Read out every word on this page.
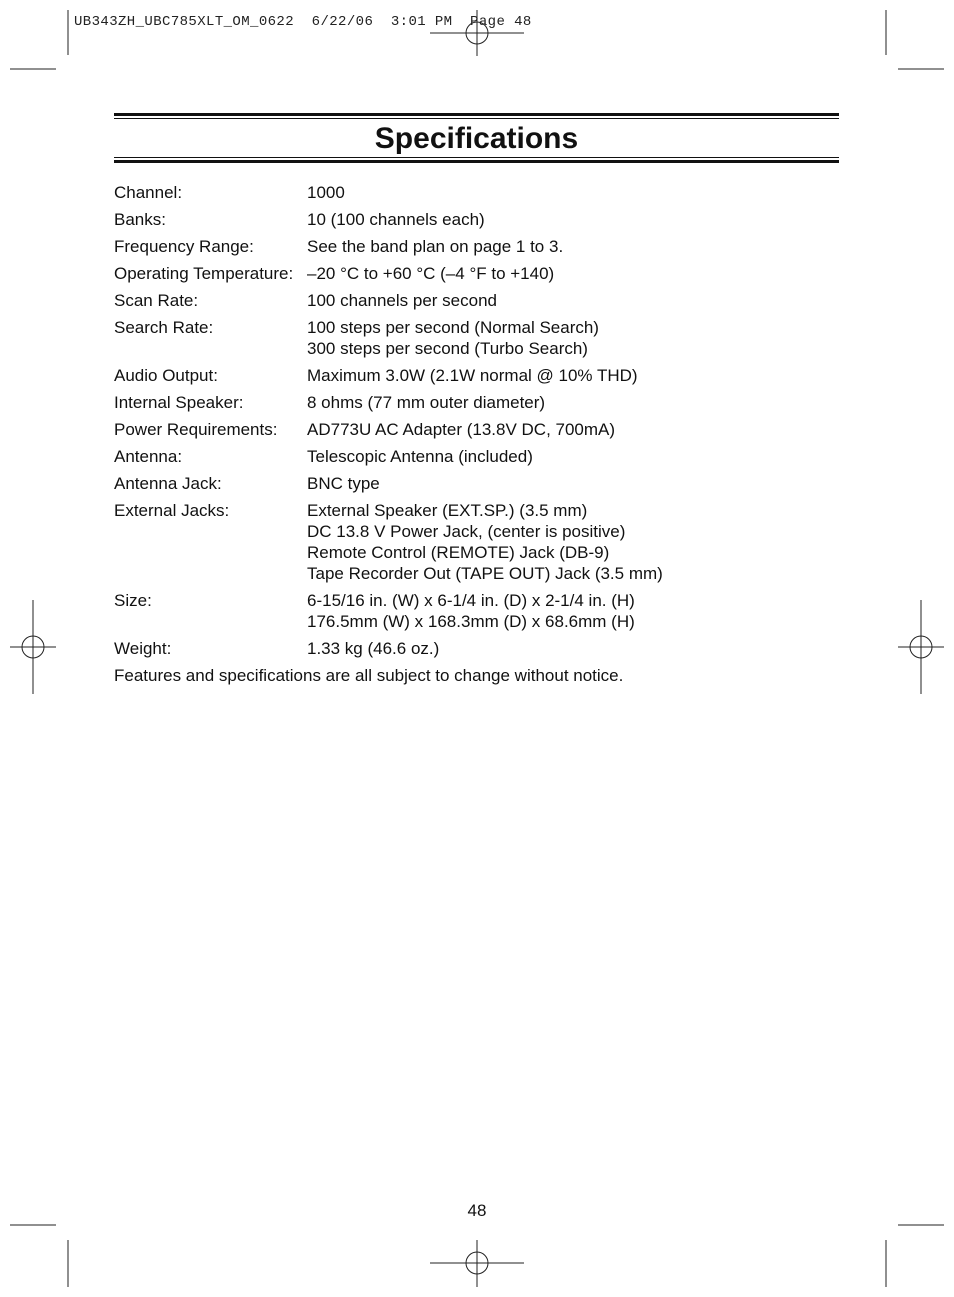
UB343ZH_UBC785XLT_OM_0622  6/22/06  3:01 PM  Page 48
Specifications
Channel:	1000
Banks:	10 (100 channels each)
Frequency Range:	See the band plan on page 1 to 3.
Operating Temperature: –20 °C to +60 °C (–4 °F to +140)
Scan Rate:	100 channels per second
Search Rate:	100 steps per second (Normal Search)
300 steps per second (Turbo Search)
Audio Output:	Maximum 3.0W (2.1W normal @ 10% THD)
Internal Speaker:	8 ohms (77 mm outer diameter)
Power Requirements:	AD773U AC Adapter (13.8V DC, 700mA)
Antenna:	Telescopic Antenna (included)
Antenna Jack:	BNC type
External Jacks:	External Speaker (EXT.SP.) (3.5 mm)
DC 13.8 V Power Jack, (center is positive)
Remote Control (REMOTE) Jack (DB-9)
Tape Recorder Out (TAPE OUT) Jack (3.5 mm)
Size:	6-15/16 in. (W) x 6-1/4 in. (D) x 2-1/4 in. (H)
176.5mm (W) x 168.3mm (D) x 68.6mm (H)
Weight:	1.33 kg (46.6 oz.)
Features and specifications are all subject to change without notice.
48
